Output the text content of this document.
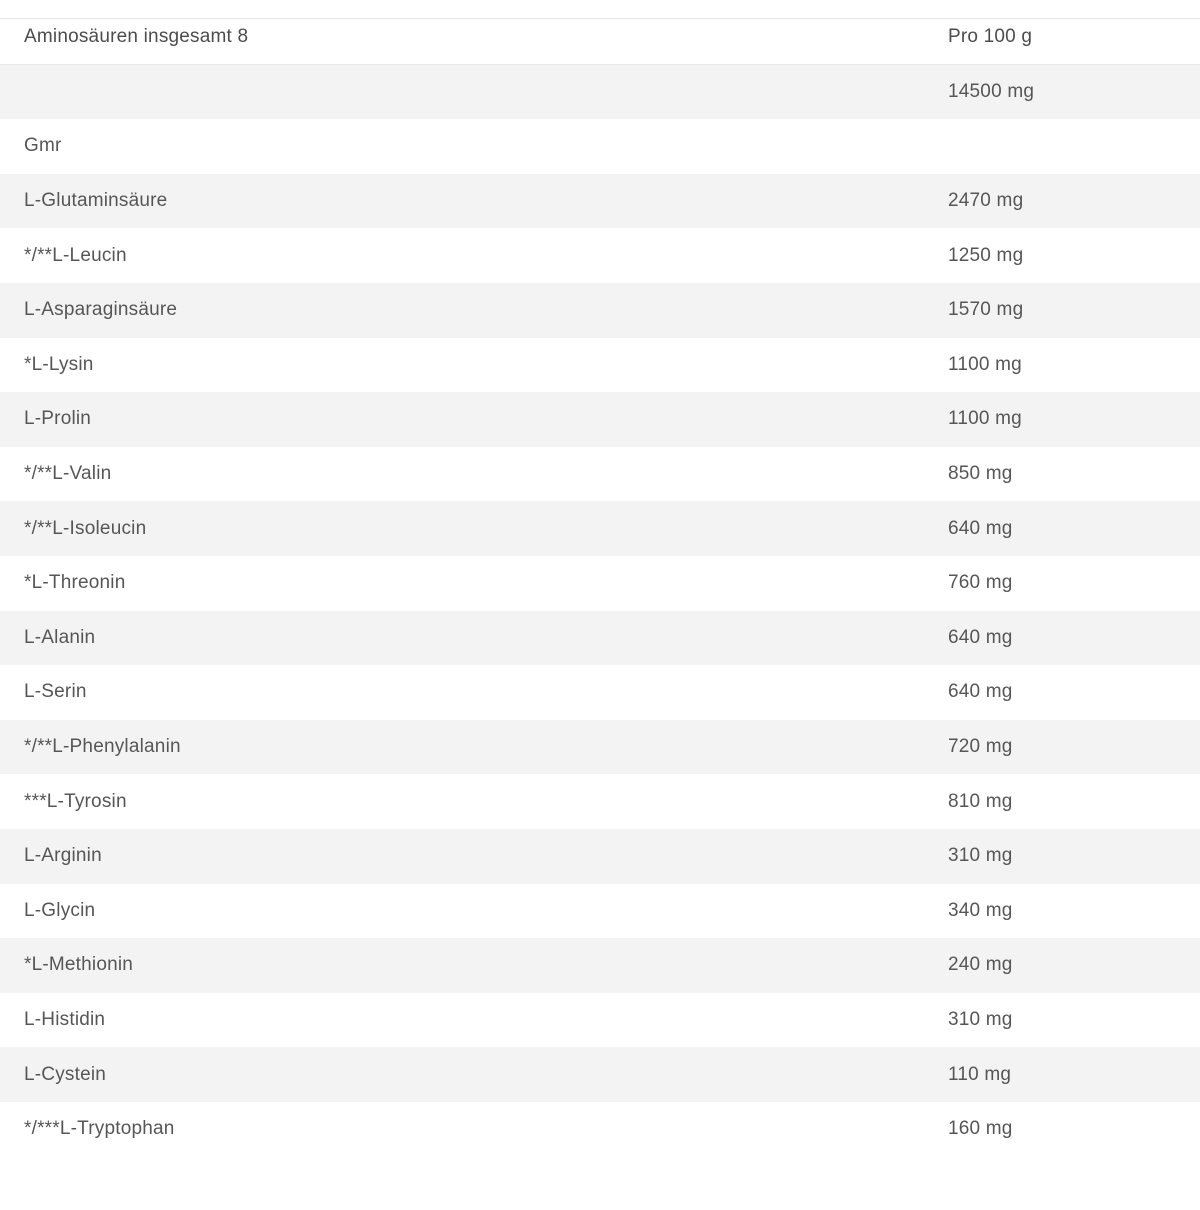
Aminosäuren insgesamt 8	Pro 100 g
	14500 mg
Gmr	
L-Glutaminsäure	2470 mg
*/**L-Leucin	1250 mg
L-Asparaginsäure	1570 mg
*L-Lysin	1100 mg
L-Prolin	1100 mg
*/**L-Valin	850 mg
*/**L-Isoleucin	640 mg
*L-Threonin	760 mg
L-Alanin	640 mg
L-Serin	640 mg
*/**L-Phenylalanin	720 mg
***L-Tyrosin	810 mg
L-Arginin	310 mg
L-Glycin	340 mg
*L-Methionin	240 mg
L-Histidin	310 mg
L-Cystein	110 mg
*/***L-Tryptophan	160 mg
